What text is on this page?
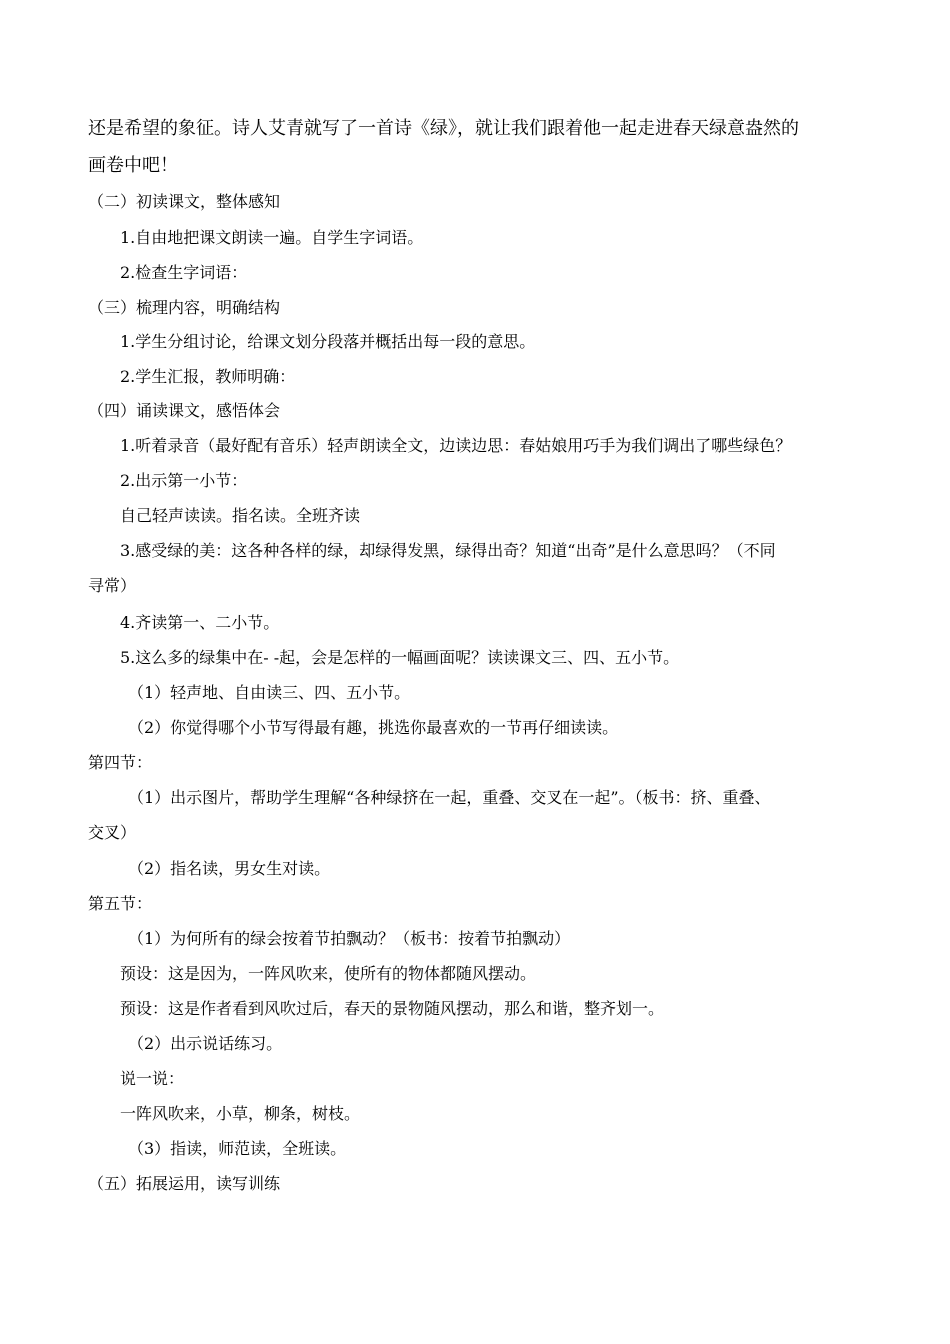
还是希望的象征。诗人艾青就写了一首诗《绿》，就让我们跟着他一起走进春天绿意盎然的
画卷中吧！
（二）初读课文，整体感知
1.自由地把课文朗读一遍。自学生字词语。
2.检查生字词语：
（三）梳理内容，明确结构
1.学生分组讨论，给课文划分段落并概括出每一段的意思。
2.学生汇报，教师明确：
（四）诵读课文，感悟体会
1.听着录音（最好配有音乐）轻声朗读全文，边读边思：春姑娘用巧手为我们调出了哪些绿色？
2.出示第一小节：
自己轻声读读。指名读。全班齐读
3.感受绿的美：这各种各样的绿，却绿得发黑，绿得出奇？知道“出奇”是什么意思吗？（不同
寻常）
4.齐读第一、二小节。
5.这么多的绿集中在- -起，会是怎样的一幅画面呢？读读课文三、四、五小节。
（1）轻声地、自由读三、四、五小节。
（2）你觉得哪个小节写得最有趣，挑选你最喜欢的一节再仔细读读。
第四节：
（1）出示图片，帮助学生理解“各种绿挤在一起，重叠、交叉在一起”。（板书：挤、重叠、
交叉）
（2）指名读，男女生对读。
第五节：
（1）为何所有的绿会按着节拍飘动？（板书：按着节拍飘动）
预设：这是因为，一阵风吹来，使所有的物体都随风摆动。
预设：这是作者看到风吹过后，春天的景物随风摆动，那么和谐，整齐划一。
（2）出示说话练习。
说一说：
一阵风吹来，小草，柳条，树枝。
（3）指读，师范读，全班读。
（五）拓展运用，读写训练
